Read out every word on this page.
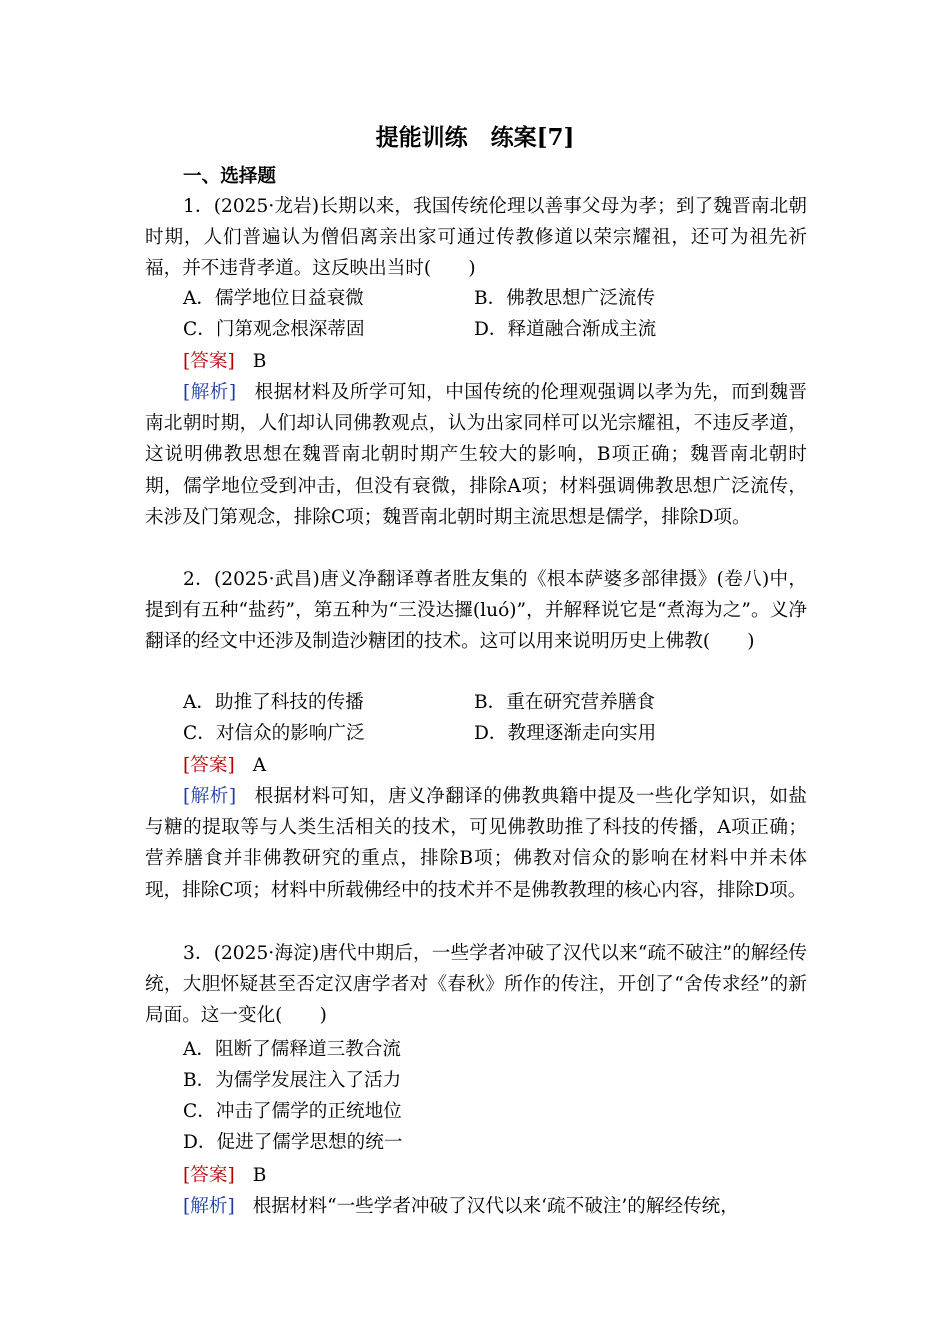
提能训练　练案[7]
一、选择题

1．(2025·龙岩)长期以来，我国传统伦理以善事父母为孝；到了魏晋南北朝时期，人们普遍认为僧侣离亲出家可通过传教修道以荣宗耀祖，还可为祖先祈福，并不违背孝道。这反映出当时(　　)

A．儒学地位日益衰微	B．佛教思想广泛流传
C．门第观念根深蒂固	D．释道融合渐成主流
[答案] B

[解析] 根据材料及所学可知，中国传统的伦理观强调以孝为先，而到魏晋南北朝时期，人们却认同佛教观点，认为出家同样可以光宗耀祖，不违反孝道，这说明佛教思想在魏晋南北朝时期产生较大的影响，B项正确；魏晋南北朝时期，儒学地位受到冲击，但没有衰微，排除A项；材料强调佛教思想广泛流传，未涉及门第观念，排除C项；魏晋南北朝时期主流思想是儒学，排除D项。

2．(2025·武昌)唐义净翻译尊者胜友集的《根本萨婆多部律摄》(卷八)中，提到有五种“盐药”，第五种为“三没达攞(luó)”，并解释说它是“煮海为之”。义净翻译的经文中还涉及制造沙糖团的技术。这可以用来说明历史上佛教(　　)

A．助推了科技的传播	B．重在研究营养膳食
C．对信众的影响广泛	D．教理逐渐走向实用
[答案] A

[解析] 根据材料可知，唐义净翻译的佛教典籍中提及一些化学知识，如盐与糖的提取等与人类生活相关的技术，可见佛教助推了科技的传播，A项正确；营养膳食并非佛教研究的重点，排除B项；佛教对信众的影响在材料中并未体现，排除C项；材料中所载佛经中的技术并不是佛教教理的核心内容，排除D项。

3．(2025·海淀)唐代中期后，一些学者冲破了汉代以来“疏不破注”的解经传统，大胆怀疑甚至否定汉唐学者对《春秋》所作的传注，开创了“舍传求经”的新局面。这一变化(　　)

A．阻断了儒释道三教合流
B．为儒学发展注入了活力
C．冲击了儒学的正统地位
D．促进了儒学思想的统一
[答案] B

[解析] 根据材料“一些学者冲破了汉代以来‘疏不破注’的解经传统，
